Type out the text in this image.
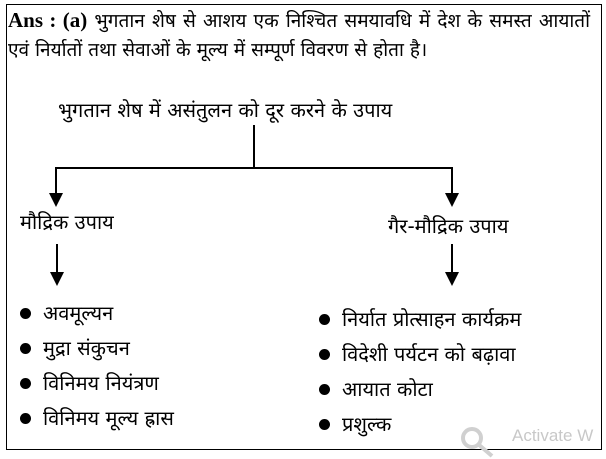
Ans : (a) भुगतान शेष से आशय एक निश्चित समयावधि में देश के समस्त आयातों एवं निर्यातों तथा सेवाओं के मूल्य में सम्पूर्ण विवरण से होता है।
भुगतान शेष में असंतुलन को दूर करने के उपाय
मौद्रिक उपाय	गैर-मौद्रिक उपाय
अवमूल्यन
मुद्रा संकुचन
विनिमय नियंत्रण
विनिमय मूल्य ह्रास
निर्यात प्रोत्साहन कार्यक्रम
विदेशी पर्यटन को बढ़ावा
आयात कोटा
प्रशुल्क	Activate W
